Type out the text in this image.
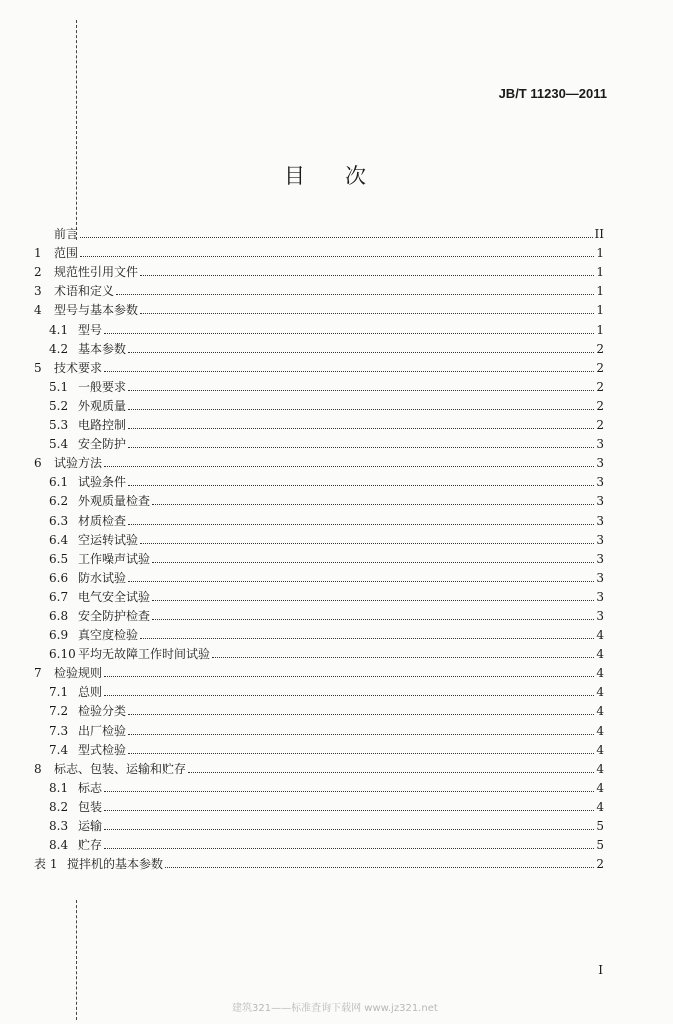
JB/T 11230—2011
目次
前言	II
1	范围	1
2	规范性引用文件	1
3	术语和定义	1
4	型号与基本参数	1
4.1 型号	1
4.2 基本参数	2
5	技术要求	2
5.1 一般要求	2
5.2 外观质量	2
5.3 电路控制	2
5.4 安全防护	3
6	试验方法	3
6.1 试验条件	3
6.2 外观质量检查	3
6.3 材质检查	3
6.4 空运转试验	3
6.5 工作噪声试验	3
6.6 防水试验	3
6.7 电气安全试验	3
6.8 安全防护检查	3
6.9 真空度检验	4
6.10 平均无故障工作时间试验	4
7	检验规则	4
7.1 总则	4
7.2 检验分类	4
7.3 出厂检验	4
7.4 型式检验	4
8	标志、包装、运输和贮存	4
8.1 标志	4
8.2 包装	4
8.3 运输	5
8.4 贮存	5
表 1 搅拌机的基本参数	2
I
建筑321——标准査询下载网 www.jz321.net
